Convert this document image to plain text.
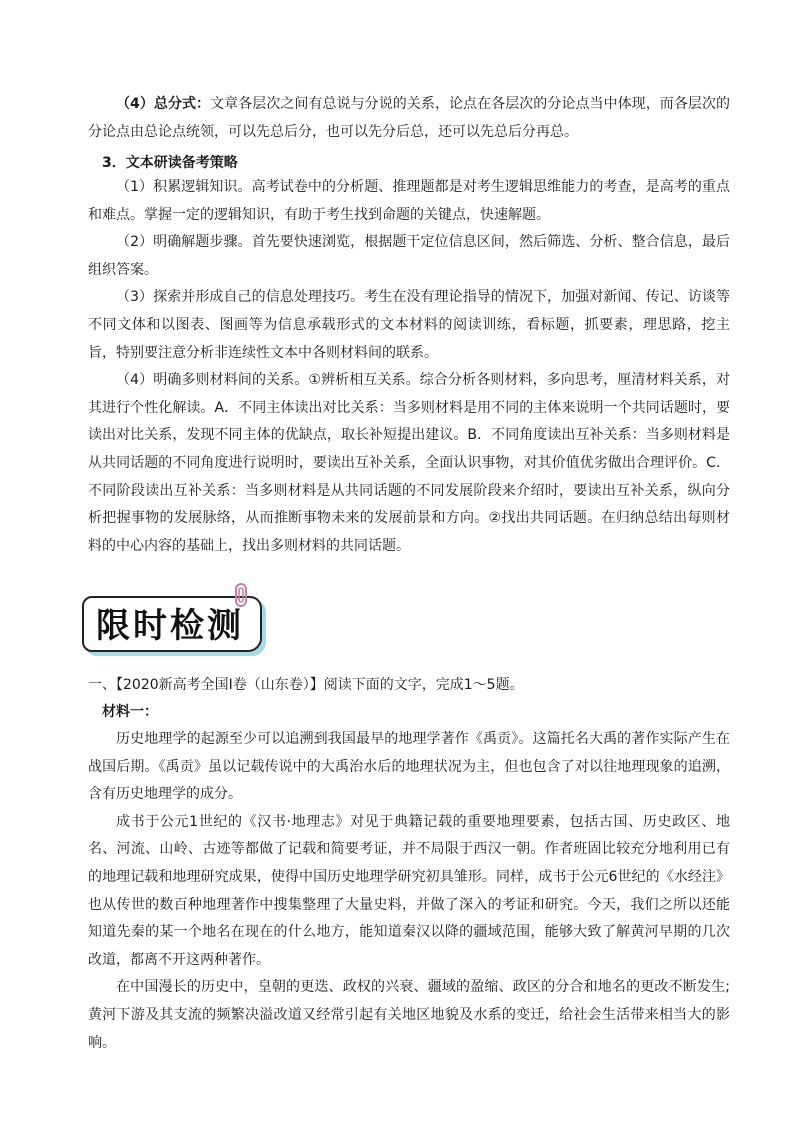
（4）总分式：文章各层次之间有总说与分说的关系，论点在各层次的分论点当中体现，而各层次的分论点由总论点统领，可以先总后分，也可以先分后总，还可以先总后分再总。

3．文本研读备考策略

（1）积累逻辑知识。高考试卷中的分析题、推理题都是对考生逻辑思维能力的考查，是高考的重点和难点。掌握一定的逻辑知识，有助于考生找到命题的关键点，快速解题。

（2）明确解题步骤。首先要快速浏览，根据题干定位信息区间，然后筛选、分析、整合信息，最后组织答案。

（3）探索并形成自己的信息处理技巧。考生在没有理论指导的情况下，加强对新闻、传记、访谈等不同文体和以图表、图画等为信息承载形式的文本材料的阅读训练，看标题，抓要素，理思路，挖主旨，特别要注意分析非连续性文本中各则材料间的联系。

（4）明确多则材料间的关系。①辨析相互关系。综合分析各则材料，多向思考，厘清材料关系，对其进行个性化解读。A．不同主体读出对比关系：当多则材料是用不同的主体来说明一个共同话题时，要读出对比关系，发现不同主体的优缺点，取长补短提出建议。B．不同角度读出互补关系：当多则材料是从共同话题的不同角度进行说明时，要读出互补关系，全面认识事物，对其价值优劣做出合理评价。C．不同阶段读出互补关系：当多则材料是从共同话题的不同发展阶段来介绍时，要读出互补关系，纵向分析把握事物的发展脉络，从而推断事物未来的发展前景和方向。②找出共同话题。在归纳总结出每则材料的中心内容的基础上，找出多则材料的共同话题。

限时检测
一、【2020新高考全国Ⅰ卷（山东卷）】阅读下面的文字，完成1～5题。
材料一：

历史地理学的起源至少可以追溯到我国最早的地理学著作《禹贡》。这篇托名大禹的著作实际产生在战国后期。《禹贡》虽以记载传说中的大禹治水后的地理状况为主，但也包含了对以往地理现象的追溯，含有历史地理学的成分。

成书于公元1世纪的《汉书·地理志》对见于典籍记载的重要地理要素，包括古国、历史政区、地名、河流、山岭、古迹等都做了记载和简要考证，并不局限于西汉一朝。作者班固比较充分地利用已有的地理记载和地理研究成果，使得中国历史地理学研究初具雏形。同样，成书于公元6世纪的《水经注》也从传世的数百种地理著作中搜集整理了大量史料，并做了深入的考证和研究。今天，我们之所以还能知道先秦的某一个地名在现在的什么地方，能知道秦汉以降的疆域范围，能够大致了解黄河早期的几次改道，都离不开这两种著作。

在中国漫长的历史中，皇朝的更迭、政权的兴衰、疆域的盈缩、政区的分合和地名的更改不断发生;黄河下游及其支流的频繁决溢改道又经常引起有关地区地貌及水系的变迁，给社会生活带来相当大的影响。
